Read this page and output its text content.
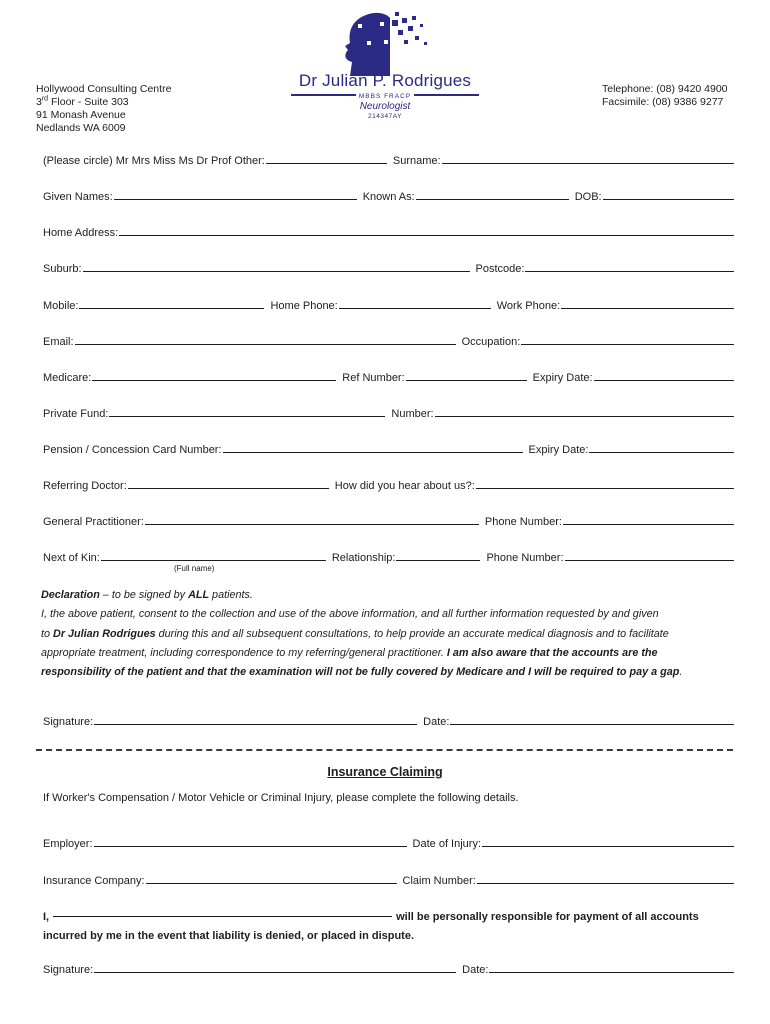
Hollywood Consulting Centre
3rd Floor - Suite 303
91 Monash Avenue
Nedlands WA 6009
Dr Julian P. Rodrigues
MBBS FRACP
Neurologist
214347AY
Telephone: (08) 9420 4900
Facsimile: (08) 9386 9277
(Please circle) Mr Mrs Miss Ms Dr Prof Other:	Surname:
Given Names:	Known As:	DOB:
Home Address:
Suburb:	Postcode:
Mobile:	Home Phone:	Work Phone:
Email:	Occupation:
Medicare:	Ref Number:	Expiry Date:
Private Fund:	Number:
Pension / Concession Card Number:	Expiry Date:
Referring Doctor:	How did you hear about us?:
General Practitioner:	Phone Number:
Next of Kin:	Relationship:	Phone Number:
(Full name)
Declaration – to be signed by ALL patients.
I, the above patient, consent to the collection and use of the above information, and all further information requested by and given
to Dr Julian Rodrigues during this and all subsequent consultations, to help provide an accurate medical diagnosis and to facilitate
appropriate treatment, including correspondence to my referring/general practitioner. I am also aware that the accounts are the
responsibility of the patient and that the examination will not be fully covered by Medicare and I will be required to pay a gap.
Signature:	Date:
Insurance Claiming
If Worker's Compensation / Motor Vehicle or Criminal Injury, please complete the following details.
Employer:	Date of Injury:
Insurance Company:	Claim Number:
I,	will be personally responsible for payment of all accounts
incurred by me in the event that liability is denied, or placed in dispute.
Signature:	Date:
